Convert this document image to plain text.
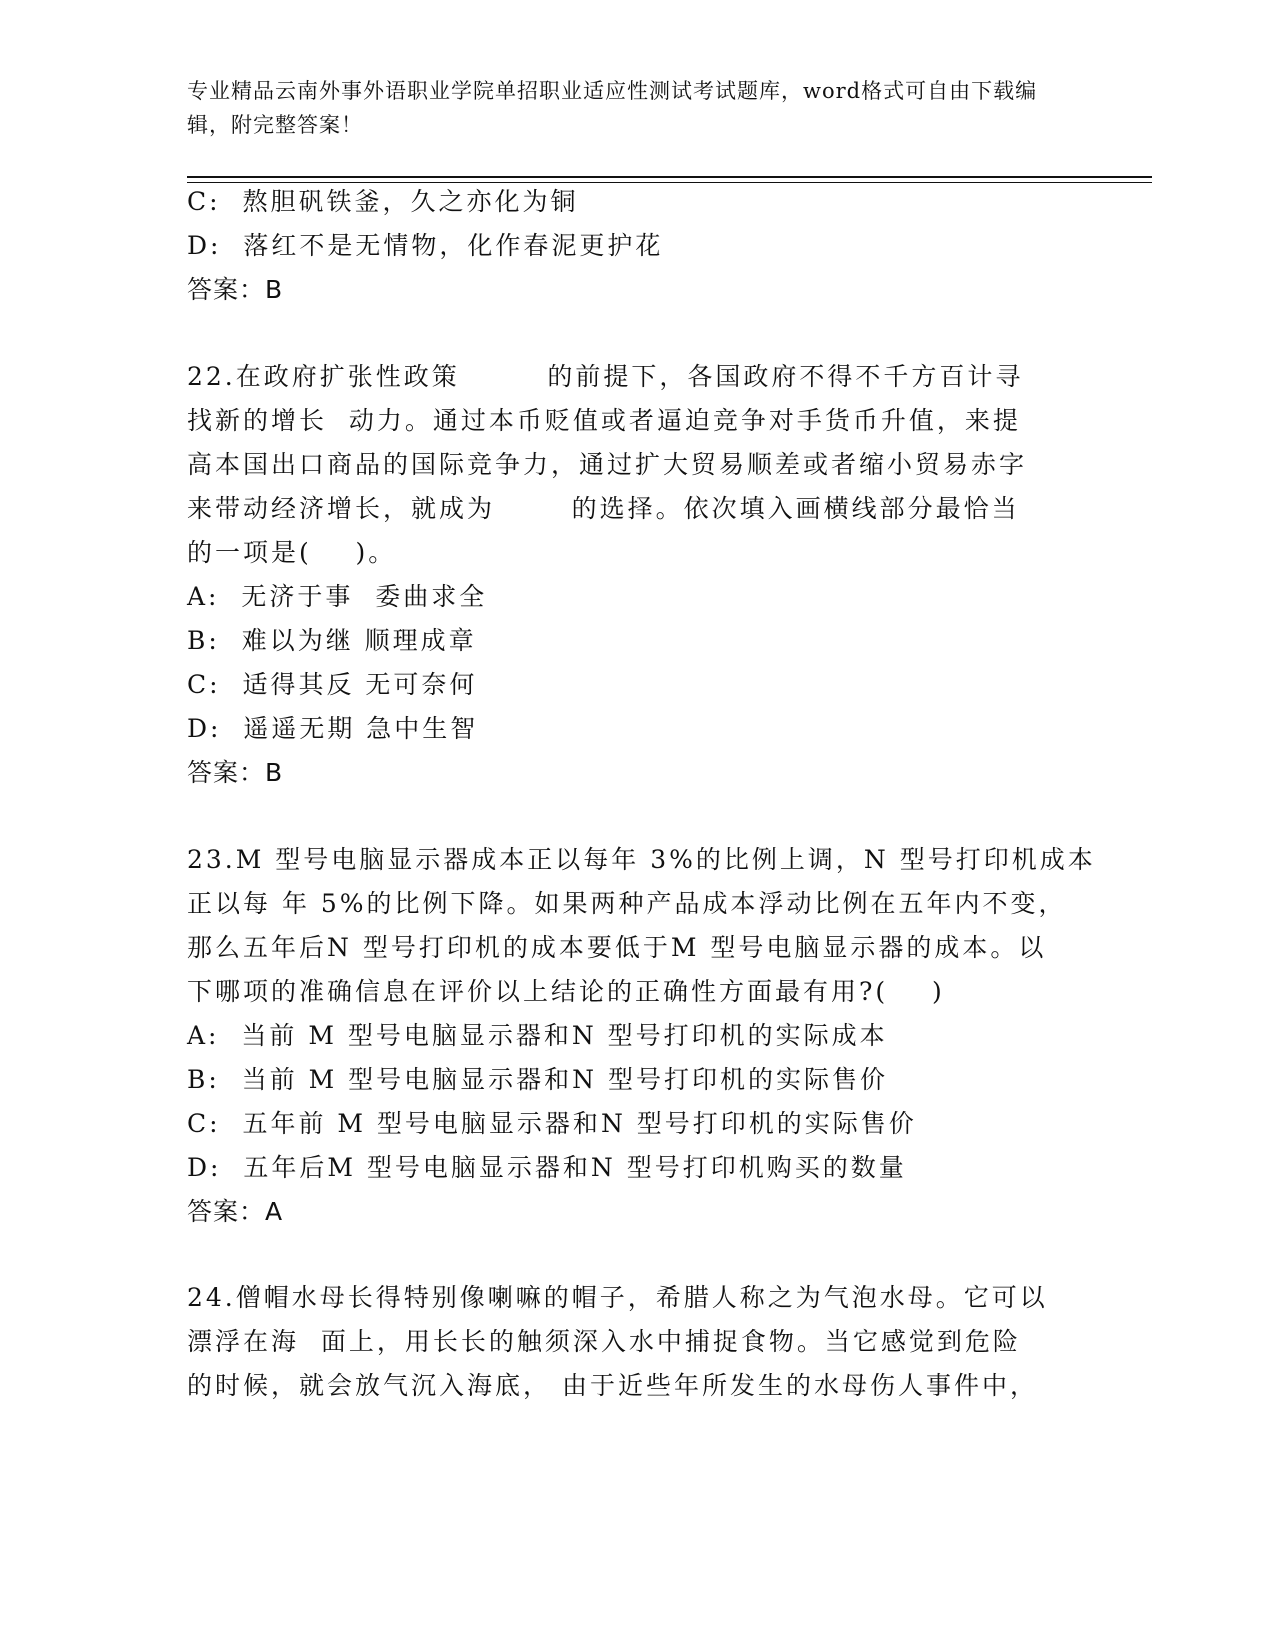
专业精品云南外事外语职业学院单招职业适应性测试考试题库，word格式可自由下载编辑，附完整答案！
C:  熬胆矾铁釜，久之亦化为铜
D:  落红不是无情物，化作春泥更护花
答案：B
22.在政府扩张性政策        的前提下，各国政府不得不千方百计寻
找新的增长  动力。通过本币贬值或者逼迫竞争对手货币升值，来提
高本国出口商品的国际竞争力，通过扩大贸易顺差或者缩小贸易赤字
来带动经济增长，就成为       的选择。依次填入画横线部分最恰当
的一项是(    )。
A:  无济于事  委曲求全
B:  难以为继 顺理成章
C:  适得其反 无可奈何
D:  遥遥无期 急中生智
答案：B
23.M 型号电脑显示器成本正以每年 3%的比例上调，N 型号打印机成本
正以每 年 5%的比例下降。如果两种产品成本浮动比例在五年内不变，
那么五年后N 型号打印机的成本要低于M 型号电脑显示器的成本。以
下哪项的准确信息在评价以上结论的正确性方面最有用?(    )
A:  当前 M 型号电脑显示器和N 型号打印机的实际成本
B:  当前 M 型号电脑显示器和N 型号打印机的实际售价
C:  五年前 M 型号电脑显示器和N 型号打印机的实际售价
D:  五年后M 型号电脑显示器和N 型号打印机购买的数量
答案：A
24.僧帽水母长得特别像喇嘛的帽子，希腊人称之为气泡水母。它可以
漂浮在海  面上，用长长的触须深入水中捕捉食物。当它感觉到危险
的时候，就会放气沉入海底， 由于近些年所发生的水母伤人事件中，
